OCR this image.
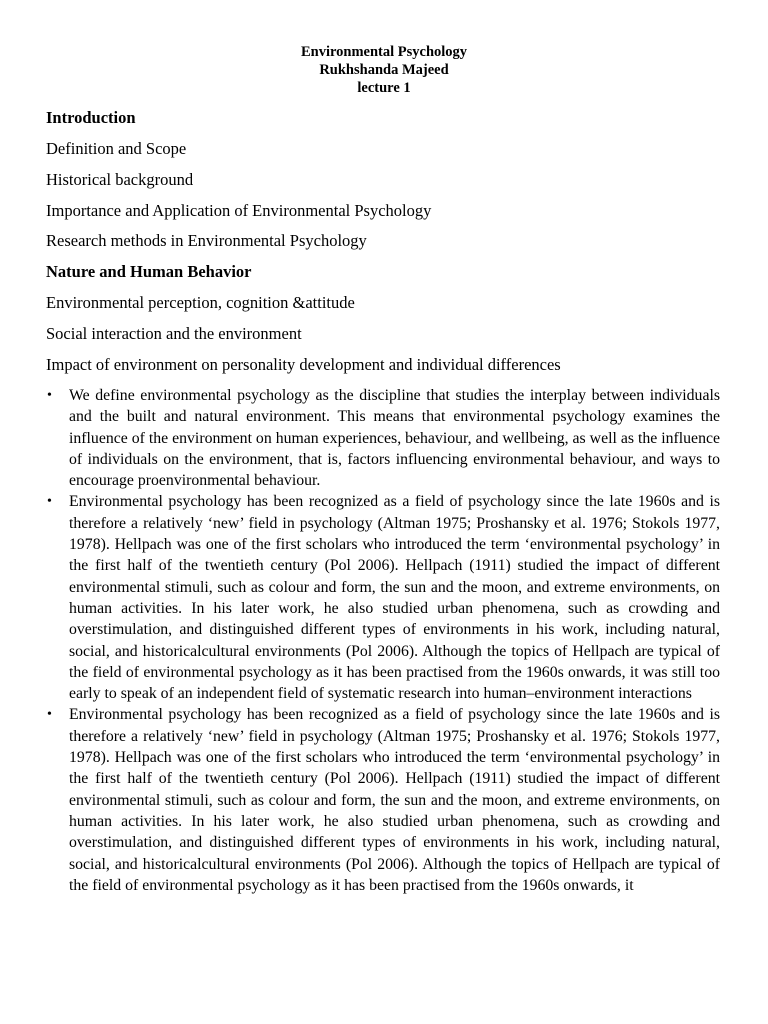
Environmental Psychology
Rukhshanda Majeed
lecture 1
Introduction
Definition and Scope
Historical background
Importance and Application of Environmental Psychology
Research methods in Environmental Psychology
Nature and Human Behavior
Environmental perception, cognition &attitude
Social interaction and the environment
Impact of environment on personality development and individual differences
• We define environmental psychology as the discipline that studies the interplay between individuals and the built and natural environment. This means that environmental psychology examines the influence of the environment on human experiences, behaviour, and wellbeing, as well as the influence of individuals on the environment, that is, factors influencing environmental behaviour, and ways to encourage proenvironmental behaviour.
• Environmental psychology has been recognized as a field of psychology since the late 1960s and is therefore a relatively ‘new’ field in psychology (Altman 1975; Proshansky et al. 1976; Stokols 1977, 1978). Hellpach was one of the first scholars who introduced the term ‘environmental psychology’ in the first half of the twentieth century (Pol 2006). Hellpach (1911) studied the impact of different environmental stimuli, such as colour and form, the sun and the moon, and extreme environments, on human activities. In his later work, he also studied urban phenomena, such as crowding and overstimulation, and distinguished different types of environments in his work, including natural, social, and historicalcultural environments (Pol 2006). Although the topics of Hellpach are typical of the field of environmental psychology as it has been practised from the 1960s onwards, it was still too early to speak of an independent field of systematic research into human–environment interactions
• Environmental psychology has been recognized as a field of psychology since the late 1960s and is therefore a relatively ‘new’ field in psychology (Altman 1975; Proshansky et al. 1976; Stokols 1977, 1978). Hellpach was one of the first scholars who introduced the term ‘environmental psychology’ in the first half of the twentieth century (Pol 2006). Hellpach (1911) studied the impact of different environmental stimuli, such as colour and form, the sun and the moon, and extreme environments, on human activities. In his later work, he also studied urban phenomena, such as crowding and overstimulation, and distinguished different types of environments in his work, including natural, social, and historicalcultural environments (Pol 2006). Although the topics of Hellpach are typical of the field of environmental psychology as it has been practised from the 1960s onwards, it
